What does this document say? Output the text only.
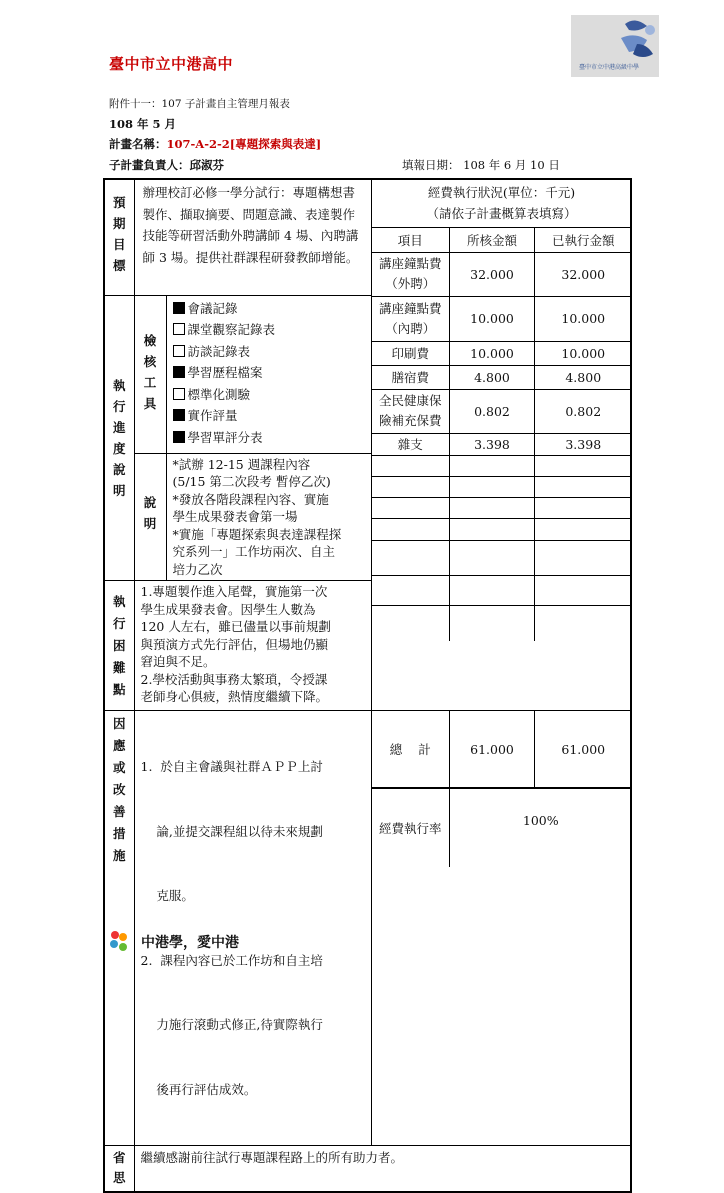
臺中市立中港高級中學
臺中市立中港高中
附件十一：107 子計畫自主管理月報表
108 年 5 月
計畫名稱：107-A-2-2[專題探索與表達]
子計畫負責人：邱淑芬	填報日期： 108 年 6 月 10 日
預
期
目
標	辦理校訂必修一學分試行：專題構想書製作、擷取摘要、問題意識、表達製作技能等研習活動外聘講師 4 場、內聘講師 3 場。提供社群課程研發教師增能。	
經費執行狀況(單位：千元)
（請依子計畫概算表填寫）

項目	所核金額	已執行金額
講座鐘點費
（外聘）	32.000	32.000
講座鐘點費
（內聘）	10.000	10.000
印刷費	10.000	10.000
膳宿費	4.800	4.800
全民健康保
險補充保費	0.802	0.802
雜支	3.398	3.398

執
行
進
度
說
明	檢
核
工
具	
會議記錄
課堂觀察記錄表
訪談記錄表
學習歷程檔案
標準化測驗
實作評量
學習單評分表

說
明	
*試辦 12-15 週課程內容
(5/15 第二次段考 暫停乙次)
*發放各階段課程內容、實施
學生成果發表會第一場
*實施「專題探索與表達課程探
究系列一」工作坊兩次、自主
培力乙次

執
行
困
難
點	
1.專題製作進入尾聲，實施第一次
學生成果發表會。因學生人數為
120 人左右，雖已儘量以事前規劃
與預演方式先行評估，但場地仍顯
窘迫與不足。
2.學校活動與事務太繁瑣，令授課
老師身心俱疲，熱情度繼續下降。

因
應
或
改
善
措
施	

1.  於自主會議與社群ＡＰＰ上討

論,並提交課程組以待未來規劃

克服。

2.  課程內容已於工作坊和自主培

力施行滾動式修正,待實際執行

後再行評估成效。

總    計	61.000	61.000
經費執行率	100%

省
思	繼續感謝前往試行專題課程路上的所有助力者。
中港學，愛中港
